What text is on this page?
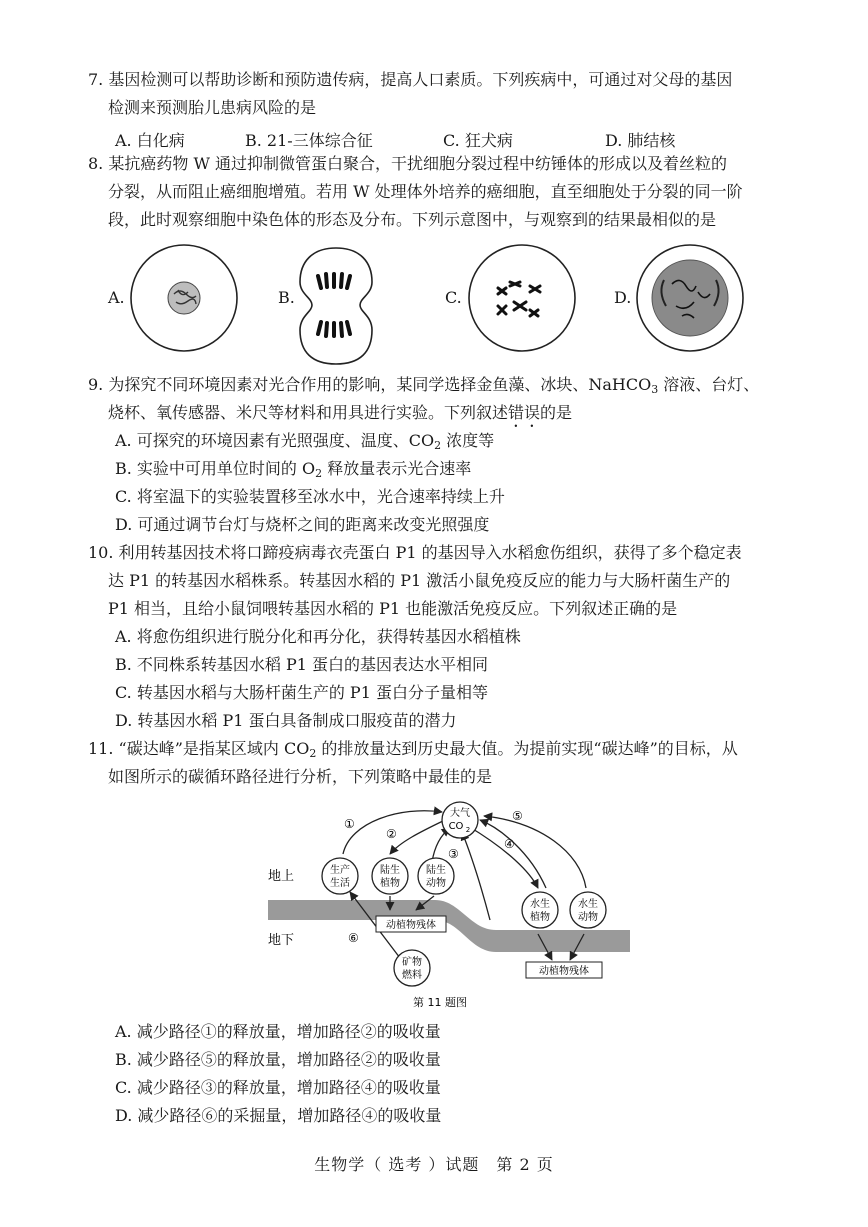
7. 基因检测可以帮助诊断和预防遗传病，提高人口素质。下列疾病中，可通过对父母的基因
检测来预测胎儿患病风险的是
A. 白化病	B. 21-三体综合征	C. 狂犬病	D. 肺结核
8. 某抗癌药物 W 通过抑制微管蛋白聚合，干扰细胞分裂过程中纺锤体的形成以及着丝粒的
分裂，从而阻止癌细胞增殖。若用 W 处理体外培养的癌细胞，直至细胞处于分裂的同一阶
段，此时观察细胞中染色体的形态及分布。下列示意图中，与观察到的结果最相似的是
A.	B.	C.	D.
9. 为探究不同环境因素对光合作用的影响，某同学选择金鱼藻、冰块、NaHCO$_3$ 溶液、台灯、
烧杯、氧传感器、米尺等材料和用具进行实验。下列叙述错误的是
A. 可探究的环境因素有光照强度、温度、$CO_2$ 浓度等
B. 实验中可用单位时间的 $O_2$ 释放量表示光合速率
C. 将室温下的实验装置移至冰水中，光合速率持续上升
D. 可通过调节台灯与烧杯之间的距离来改变光照强度
10. 利用转基因技术将口蹄疫病毒衣壳蛋白 P1 的基因导入水稻愈伤组织，获得了多个稳定表
达 P1 的转基因水稻株系。转基因水稻的 P1 激活小鼠免疫反应的能力与大肠杆菌生产的
P1 相当，且给小鼠饲喂转基因水稻的 P1 也能激活免疫反应。下列叙述正确的是
A. 将愈伤组织进行脱分化和再分化，获得转基因水稻植株
B. 不同株系转基因水稻 P1 蛋白的基因表达水平相同
C. 转基因水稻与大肠杆菌生产的 P1 蛋白分子量相等
D. 转基因水稻 P1 蛋白具备制成口服疫苗的潜力
11. “碳达峰”是指某区域内 $CO_2$ 的排放量达到历史最大值。为提前实现“碳达峰”的目标，从
如图所示的碳循环路径进行分析，下列策略中最佳的是
大气
CO 2
生产
生活
陆生
植物
陆生
动物
水生
植物
水生
动物
矿物
燃料
动植物残体
动植物残体
地上
地下
①
②
③
④
⑤
⑥
第 11 题图
A. 减少路径①的释放量，增加路径②的吸收量
B. 减少路径⑤的释放量，增加路径②的吸收量
C. 减少路径③的释放量，增加路径④的吸收量
D. 减少路径⑥的采掘量，增加路径④的吸收量
生物学（ 选考 ）试题　第 2 页
